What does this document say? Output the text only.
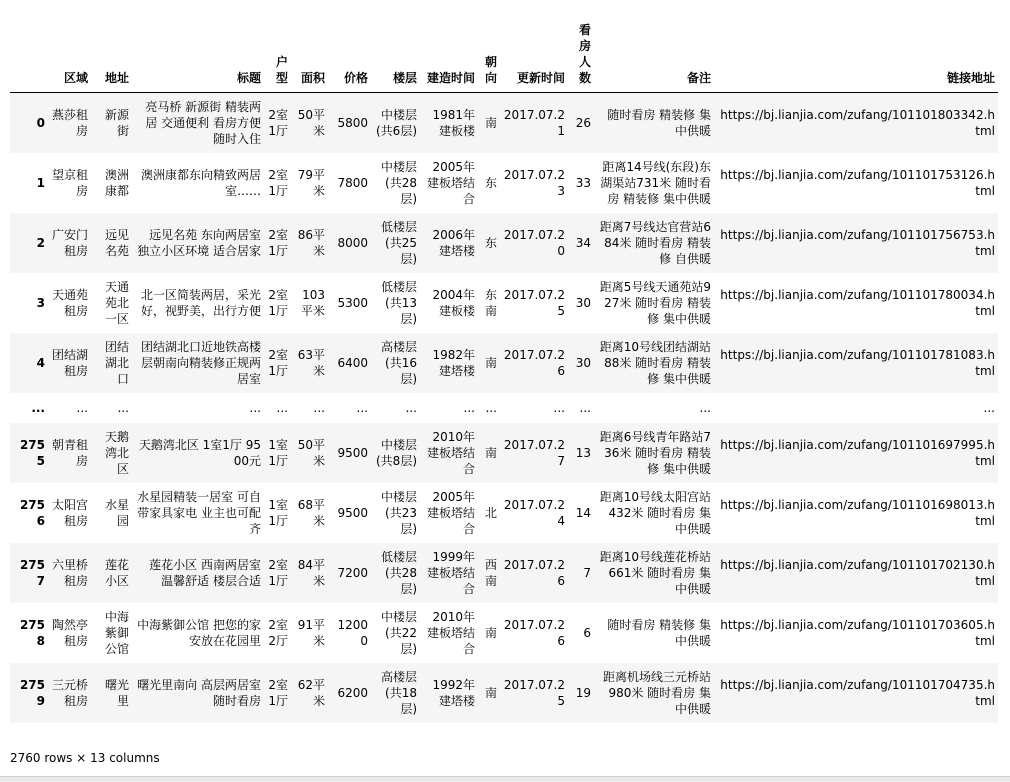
	区域	地址	标题	户型	面积	价格	楼层	建造时间	朝向	更新时间	看房人数	备注	链接地址
0	燕莎租房	新源街	亮马桥 新源街 精装两居 交通便利 看房方便 随时入住	2室1厅	50平米	5800	中楼层(共6层)	1981年建板楼	南	2017.07.21	26	随时看房 精装修 集中供暖	https://bj.lianjia.com/zufang/101101803342.html
1	望京租房	澳洲康都	澳洲康都东向精致两居室……	2室1厅	79平米	7800	中楼层(共28层)	2005年建板塔结合	东	2017.07.23	33	距离14号线(东段)东湖渠站731米 随时看房 精装修 集中供暖	https://bj.lianjia.com/zufang/101101753126.html
2	广安门租房	远见名苑	远见名苑 东向两居室 独立小区环境 适合居家	2室1厅	86平米	8000	低楼层(共25层)	2006年建塔楼	东	2017.07.20	34	距离7号线达官营站684米 随时看房 精装修 自供暖	https://bj.lianjia.com/zufang/101101756753.html
3	天通苑租房	天通苑北一区	北一区简装两居，采光好，视野美，出行方便	2室1厅	103平米	5300	低楼层(共13层)	2004年建板楼	东南	2017.07.25	30	距离5号线天通苑站927米 随时看房 精装修 集中供暖	https://bj.lianjia.com/zufang/101101780034.html
4	团结湖租房	团结湖北口	团结湖北口近地铁高楼层朝南向精装修正规两居室	2室1厅	63平米	6400	高楼层(共16层)	1982年建塔楼	南	2017.07.26	30	距离10号线团结湖站88米 随时看房 精装修 集中供暖	https://bj.lianjia.com/zufang/101101781083.html
...	...	...	...	...	...	...	...	...	...	...	...	...	...
2755	朝青租房	天鹅湾北区	天鹅湾北区 1室1厅 9500元	1室1厅	50平米	9500	中楼层(共8层)	2010年建板塔结合	南	2017.07.27	13	距离6号线青年路站736米 随时看房 精装修 集中供暖	https://bj.lianjia.com/zufang/101101697995.html
2756	太阳宫租房	水星园	水星园精装一居室 可自带家具家电 业主也可配齐	1室1厅	68平米	9500	中楼层(共23层)	2005年建板塔结合	北	2017.07.24	14	距离10号线太阳宫站432米 随时看房 集中供暖	https://bj.lianjia.com/zufang/101101698013.html
2757	六里桥租房	莲花小区	莲花小区 西南两居室 温馨舒适 楼层合适	2室1厅	84平米	7200	低楼层(共28层)	1999年建板塔结合	西南	2017.07.26	7	距离10号线莲花桥站661米 随时看房 集中供暖	https://bj.lianjia.com/zufang/101101702130.html
2758	陶然亭租房	中海紫御公馆	中海紫御公馆 把您的家安放在花园里	2室2厅	91平米	12000	中楼层(共22层)	2010年建板塔结合	南	2017.07.26	6	随时看房 精装修 集中供暖	https://bj.lianjia.com/zufang/101101703605.html
2759	三元桥租房	曙光里	曙光里南向 高层两居室 随时看房	2室1厅	62平米	6200	高楼层(共18层)	1992年建塔楼	南	2017.07.25	19	距离机场线三元桥站980米 随时看房 集中供暖	https://bj.lianjia.com/zufang/101101704735.html
2760 rows × 13 columns
